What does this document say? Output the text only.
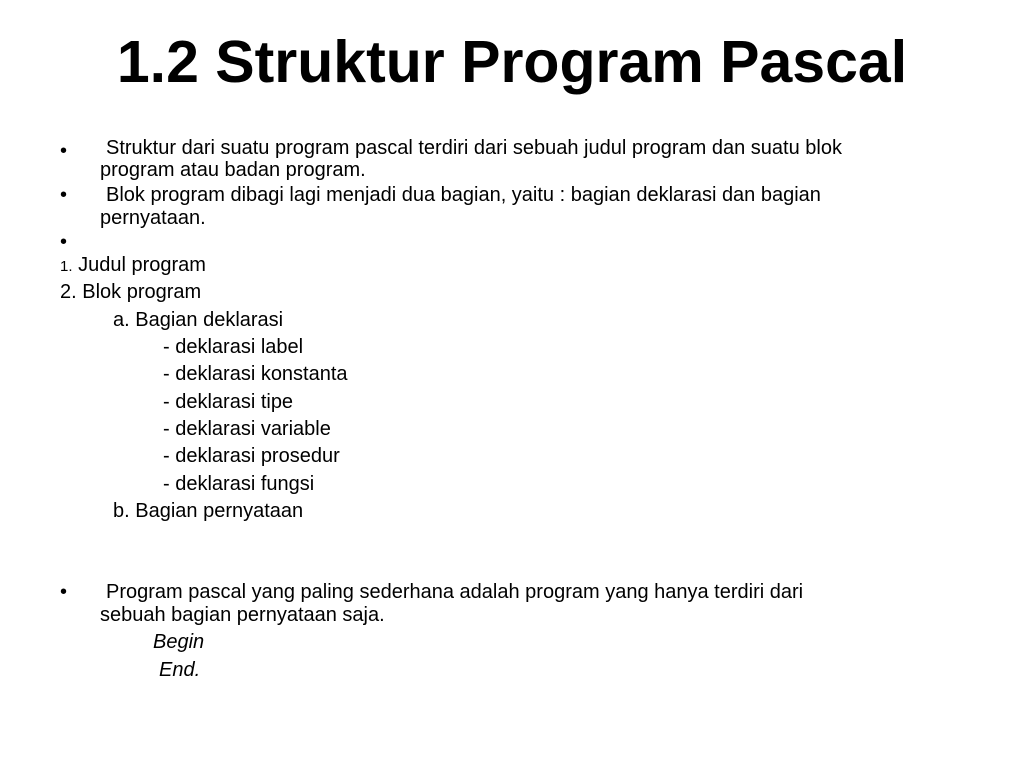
1.2 Struktur Program Pascal
• Struktur dari suatu program pascal terdiri dari sebuah judul program dan suatu blok
program atau badan program.
• Blok program dibagi lagi menjadi dua bagian, yaitu : bagian deklarasi dan bagian
pernyataan.
•
1. Judul program
2. Blok program
a. Bagian deklarasi
- deklarasi label
- deklarasi konstanta
- deklarasi tipe
- deklarasi variable
- deklarasi prosedur
- deklarasi fungsi
b. Bagian pernyataan
• Program pascal yang paling sederhana adalah program yang hanya terdiri dari
sebuah bagian pernyataan saja.
Begin
End.
